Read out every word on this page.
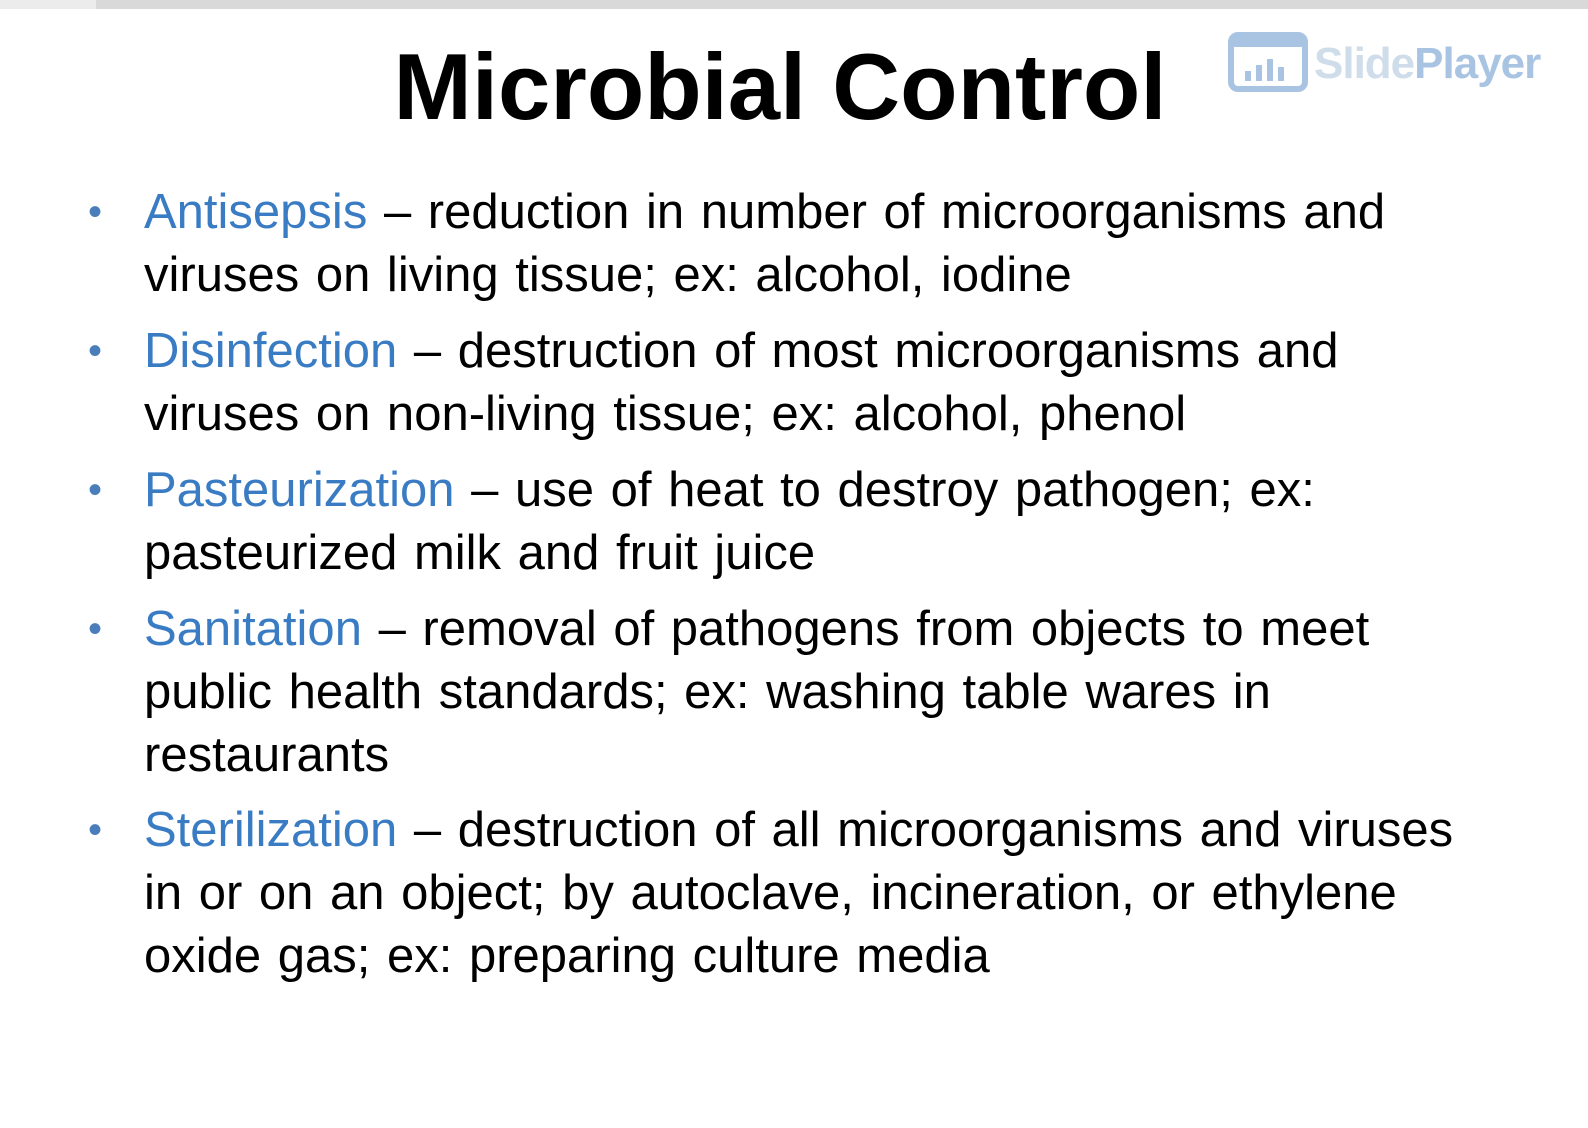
Microbial Control	SlidePlayer
• Antisepsis – reduction in number of microorganisms and viruses on living tissue; ex: alcohol, iodine
• Disinfection – destruction of most microorganisms and viruses on non-living tissue; ex: alcohol, phenol
• Pasteurization – use of heat to destroy pathogen; ex: pasteurized milk and fruit juice
• Sanitation – removal of pathogens from objects to meet public health standards; ex: washing table wares in restaurants
• Sterilization – destruction of all microorganisms and viruses in or on an object; by autoclave, incineration, or ethylene oxide gas; ex: preparing culture media
